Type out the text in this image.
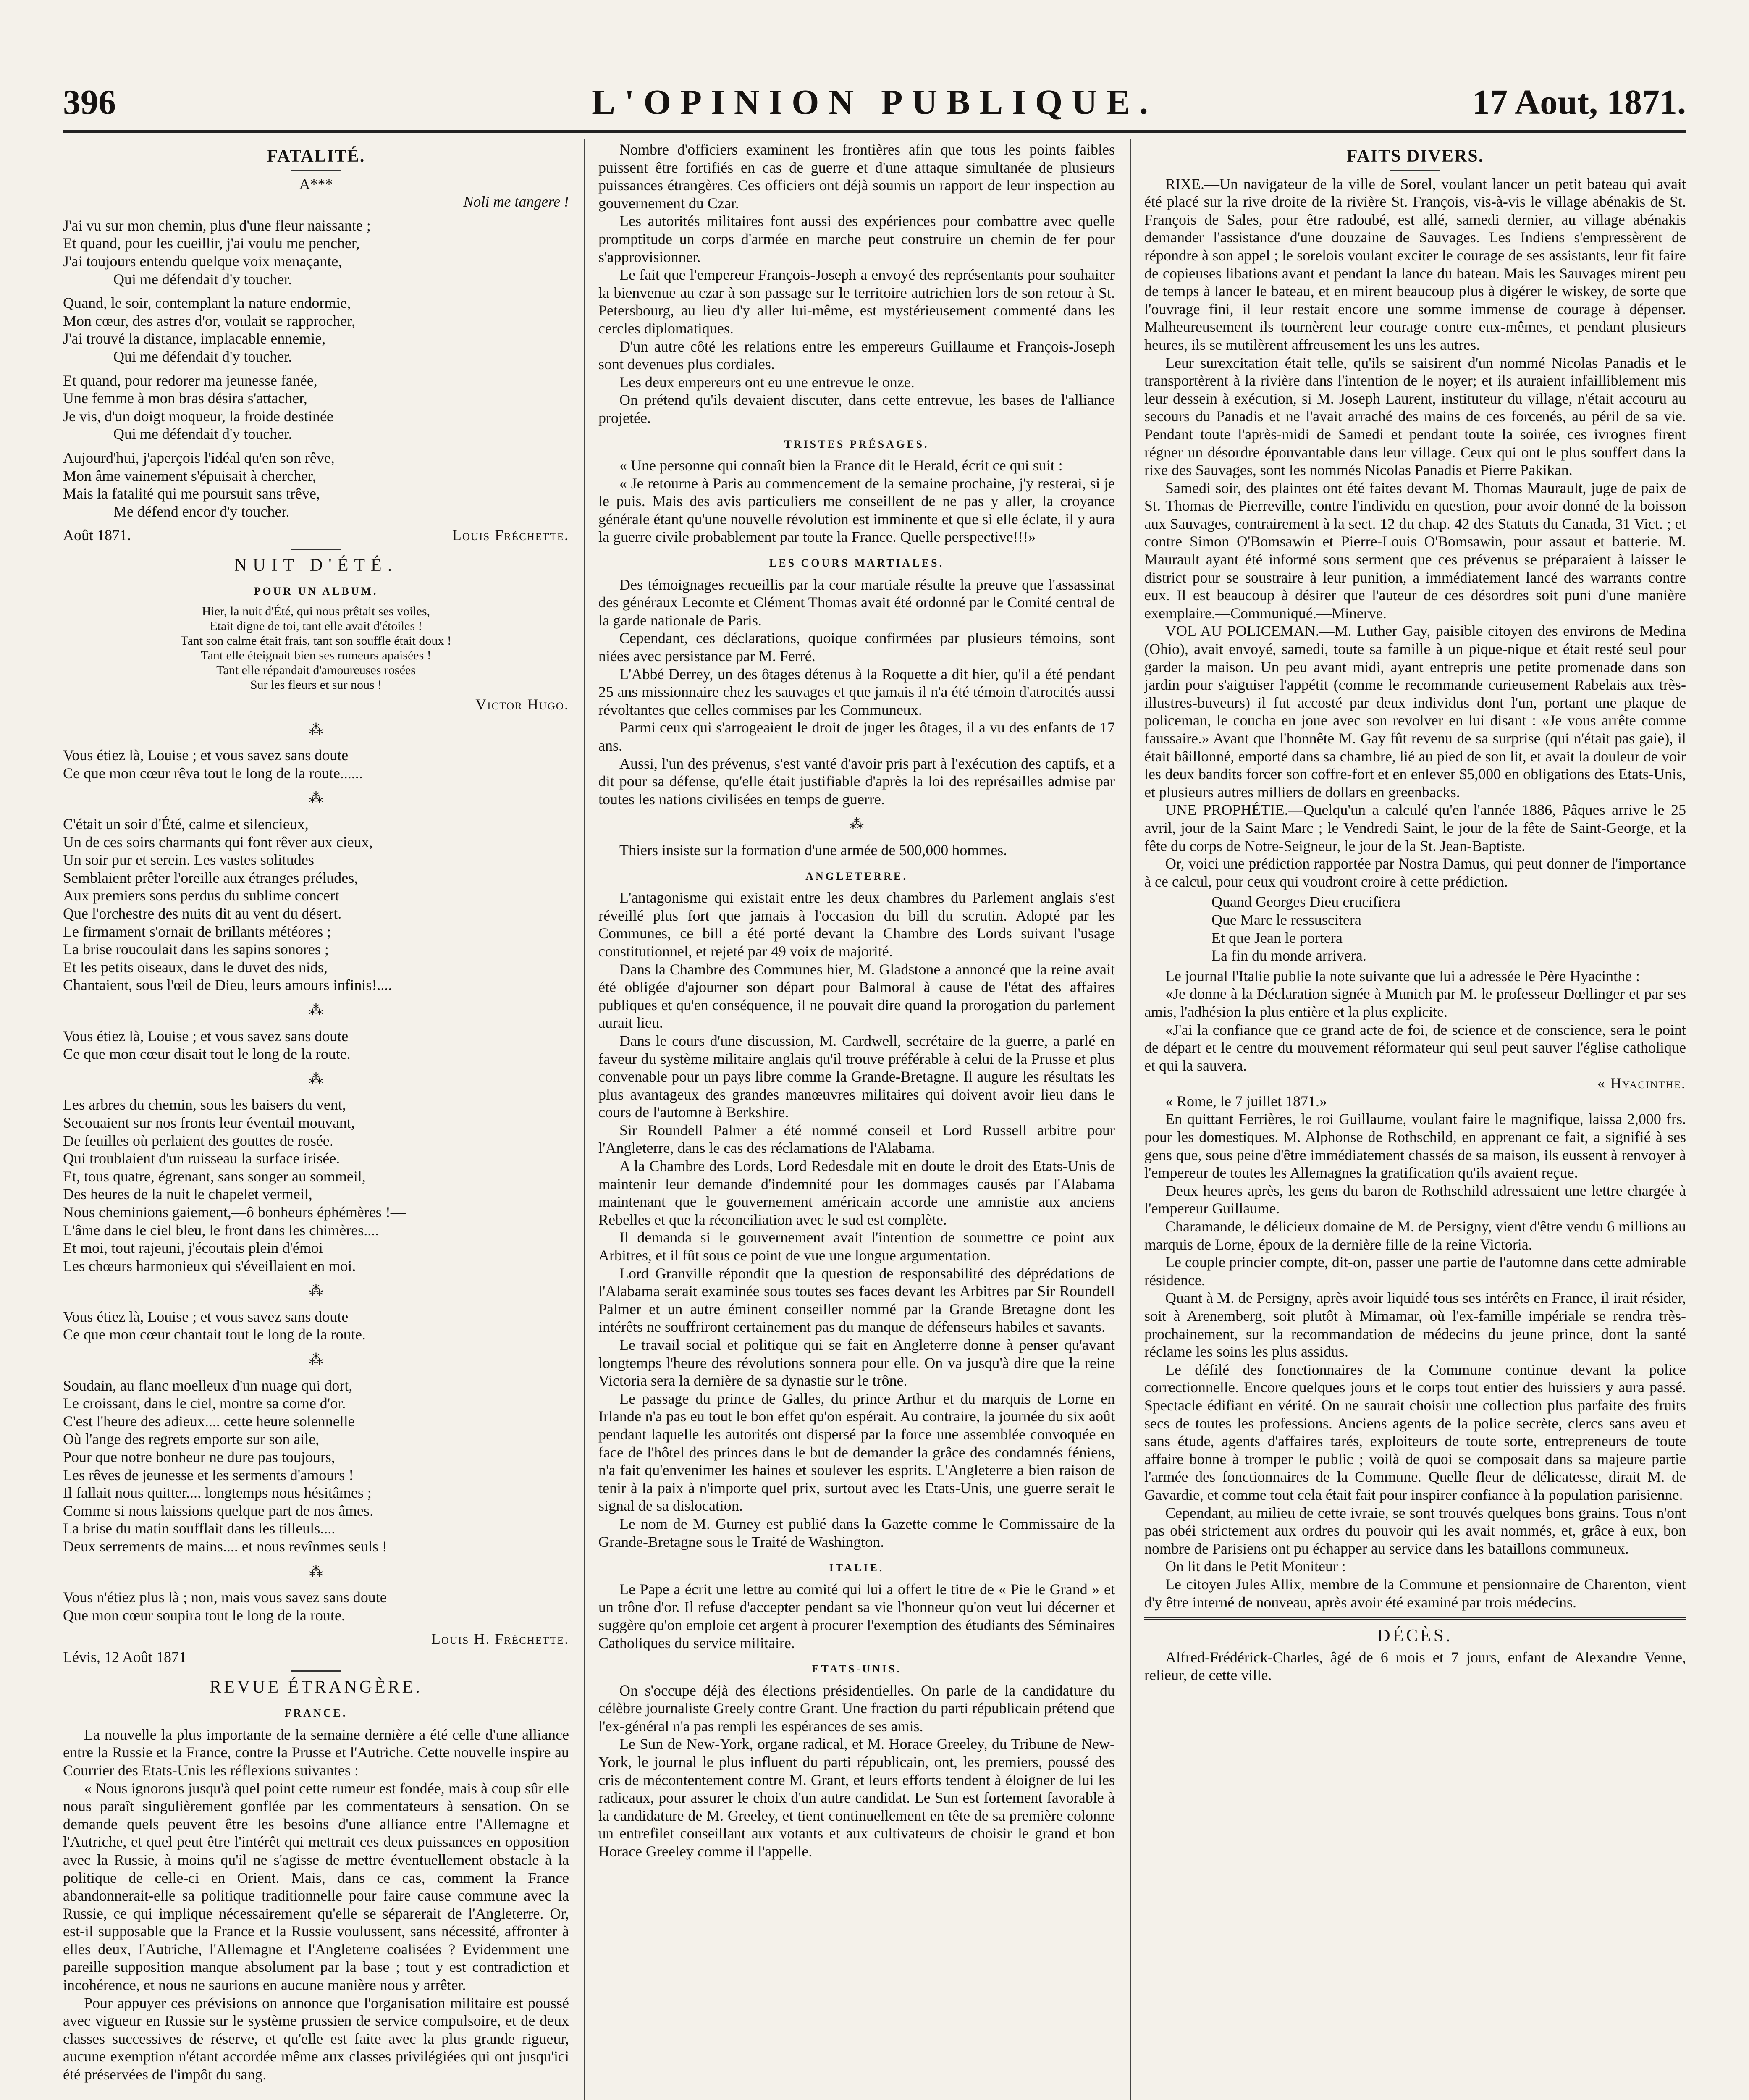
396	L'OPINION PUBLIQUE.	17 Aout, 1871.
FATALITÉ.
A***
Noli me tangere !
J'ai vu sur mon chemin, plus d'une fleur naissante ;
Et quand, pour les cueillir, j'ai voulu me pencher,
J'ai toujours entendu quelque voix menaçante,
Qui me défendait d'y toucher.
Quand, le soir, contemplant la nature endormie,
Mon cœur, des astres d'or, voulait se rapprocher,
J'ai trouvé la distance, implacable ennemie,
Qui me défendait d'y toucher.
Et quand, pour redorer ma jeunesse fanée,
Une femme à mon bras désira s'attacher,
Je vis, d'un doigt moqueur, la froide destinée
Qui me défendait d'y toucher.
Aujourd'hui, j'aperçois l'idéal qu'en son rêve,
Mon âme vainement s'épuisait à chercher,
Mais la fatalité qui me poursuit sans trêve,
Me défend encor d'y toucher.
Août 1871.	Louis Fréchette.
NUIT D'ÉTÉ.
POUR UN ALBUM.
Hier, la nuit d'Été, qui nous prêtait ses voiles,
Etait digne de toi, tant elle avait d'étoiles !
Tant son calme était frais, tant son souffle était doux !
Tant elle éteignait bien ses rumeurs apaisées !
Tant elle répandait d'amoureuses rosées
Sur les fleurs et sur nous !
Victor Hugo.
⁂
Vous étiez là, Louise ; et vous savez sans doute
Ce que mon cœur rêva tout le long de la route......
⁂
C'était un soir d'Été, calme et silencieux,
Un de ces soirs charmants qui font rêver aux cieux,
Un soir pur et serein. Les vastes solitudes
Semblaient prêter l'oreille aux étranges préludes,
Aux premiers sons perdus du sublime concert
Que l'orchestre des nuits dit au vent du désert.
Le firmament s'ornait de brillants météores ;
La brise roucoulait dans les sapins sonores ;
Et les petits oiseaux, dans le duvet des nids,
Chantaient, sous l'œil de Dieu, leurs amours infinis!....
⁂
Vous étiez là, Louise ; et vous savez sans doute
Ce que mon cœur disait tout le long de la route.
⁂
Les arbres du chemin, sous les baisers du vent,
Secouaient sur nos fronts leur éventail mouvant,
De feuilles où perlaient des gouttes de rosée.
Qui troublaient d'un ruisseau la surface irisée.
Et, tous quatre, égrenant, sans songer au sommeil,
Des heures de la nuit le chapelet vermeil,
Nous cheminions gaiement,—ô bonheurs éphémères !—
L'âme dans le ciel bleu, le front dans les chimères....
Et moi, tout rajeuni, j'écoutais plein d'émoi
Les chœurs harmonieux qui s'éveillaient en moi.
⁂
Vous étiez là, Louise ; et vous savez sans doute
Ce que mon cœur chantait tout le long de la route.
⁂
Soudain, au flanc moelleux d'un nuage qui dort,
Le croissant, dans le ciel, montre sa corne d'or.
C'est l'heure des adieux.... cette heure solennelle
Où l'ange des regrets emporte sur son aile,
Pour que notre bonheur ne dure pas toujours,
Les rêves de jeunesse et les serments d'amours !
Il fallait nous quitter.... longtemps nous hésitâmes ;
Comme si nous laissions quelque part de nos âmes.
La brise du matin soufflait dans les tilleuls....
Deux serrements de mains.... et nous revînmes seuls !
⁂
Vous n'étiez plus là ; non, mais vous savez sans doute
Que mon cœur soupira tout le long de la route.
Louis H. Fréchette.
Lévis, 12 Août 1871
REVUE ÉTRANGÈRE.
FRANCE.

La nouvelle la plus importante de la semaine dernière a été celle d'une alliance entre la Russie et la France, contre la Prusse et l'Autriche. Cette nouvelle inspire au Courrier des Etats-Unis les réflexions suivantes :

« Nous ignorons jusqu'à quel point cette rumeur est fondée, mais à coup sûr elle nous paraît singulièrement gonflée par les commentateurs à sensation. On se demande quels peuvent être les besoins d'une alliance entre l'Allemagne et l'Autriche, et quel peut être l'intérêt qui mettrait ces deux puissances en opposition avec la Russie, à moins qu'il ne s'agisse de mettre éventuellement obstacle à la politique de celle-ci en Orient. Mais, dans ce cas, comment la France abandonnerait-elle sa politique traditionnelle pour faire cause commune avec la Russie, ce qui implique nécessairement qu'elle se séparerait de l'Angleterre. Or, est-il supposable que la France et la Russie voulussent, sans nécessité, affronter à elles deux, l'Autriche, l'Allemagne et l'Angleterre coalisées ? Evidemment une pareille supposition manque absolument par la base ; tout y est contradiction et incohérence, et nous ne saurions en aucune manière nous y arrêter.

Pour appuyer ces prévisions on annonce que l'organisation militaire est poussé avec vigueur en Russie sur le système prussien de service compulsoire, et de deux classes successives de réserve, et qu'elle est faite avec la plus grande rigueur, aucune exemption n'étant accordée même aux classes privilégiées qui ont jusqu'ici été préservées de l'impôt du sang.

Nombre d'officiers examinent les frontières afin que tous les points faibles puissent être fortifiés en cas de guerre et d'une attaque simultanée de plusieurs puissances étrangères. Ces officiers ont déjà soumis un rapport de leur inspection au gouvernement du Czar.

Les autorités militaires font aussi des expériences pour combattre avec quelle promptitude un corps d'armée en marche peut construire un chemin de fer pour s'approvisionner.

Le fait que l'empereur François-Joseph a envoyé des représentants pour souhaiter la bienvenue au czar à son passage sur le territoire autrichien lors de son retour à St. Petersbourg, au lieu d'y aller lui-même, est mystérieusement commenté dans les cercles diplomatiques.

D'un autre côté les relations entre les empereurs Guillaume et François-Joseph sont devenues plus cordiales.

Les deux empereurs ont eu une entrevue le onze.

On prétend qu'ils devaient discuter, dans cette entrevue, les bases de l'alliance projetée.

TRISTES PRÉSAGES.

« Une personne qui connaît bien la France dit le Herald, écrit ce qui suit :

« Je retourne à Paris au commencement de la semaine prochaine, j'y resterai, si je le puis. Mais des avis particuliers me conseillent de ne pas y aller, la croyance générale étant qu'une nouvelle révolution est imminente et que si elle éclate, il y aura la guerre civile probablement par toute la France. Quelle perspective!!!»

LES COURS MARTIALES.

Des témoignages recueillis par la cour martiale résulte la preuve que l'assassinat des généraux Lecomte et Clément Thomas avait été ordonné par le Comité central de la garde nationale de Paris.

Cependant, ces déclarations, quoique confirmées par plusieurs témoins, sont niées avec persistance par M. Ferré.

L'Abbé Derrey, un des ôtages détenus à la Roquette a dit hier, qu'il a été pendant 25 ans missionnaire chez les sauvages et que jamais il n'a été témoin d'atrocités aussi révoltantes que celles commises par les Communeux.

Parmi ceux qui s'arrogeaient le droit de juger les ôtages, il a vu des enfants de 17 ans.

Aussi, l'un des prévenus, s'est vanté d'avoir pris part à l'exécution des captifs, et a dit pour sa défense, qu'elle était justifiable d'après la loi des représailles admise par toutes les nations civilisées en temps de guerre.

⁂

Thiers insiste sur la formation d'une armée de 500,000 hommes.

ANGLETERRE.

L'antagonisme qui existait entre les deux chambres du Parlement anglais s'est réveillé plus fort que jamais à l'occasion du bill du scrutin. Adopté par les Communes, ce bill a été porté devant la Chambre des Lords suivant l'usage constitutionnel, et rejeté par 49 voix de majorité.

Dans la Chambre des Communes hier, M. Gladstone a annoncé que la reine avait été obligée d'ajourner son départ pour Balmoral à cause de l'état des affaires publiques et qu'en conséquence, il ne pouvait dire quand la prorogation du parlement aurait lieu.

Dans le cours d'une discussion, M. Cardwell, secrétaire de la guerre, a parlé en faveur du système militaire anglais qu'il trouve préférable à celui de la Prusse et plus convenable pour un pays libre comme la Grande-Bretagne. Il augure les résultats les plus avantageux des grandes manœuvres militaires qui doivent avoir lieu dans le cours de l'automne à Berkshire.

Sir Roundell Palmer a été nommé conseil et Lord Russell arbitre pour l'Angleterre, dans le cas des réclamations de l'Alabama.

A la Chambre des Lords, Lord Redesdale mit en doute le droit des Etats-Unis de maintenir leur demande d'indemnité pour les dommages causés par l'Alabama maintenant que le gouvernement américain accorde une amnistie aux anciens Rebelles et que la réconciliation avec le sud est complète.

Il demanda si le gouvernement avait l'intention de soumettre ce point aux Arbitres, et il fût sous ce point de vue une longue argumentation.

Lord Granville répondit que la question de responsabilité des déprédations de l'Alabama serait examinée sous toutes ses faces devant les Arbitres par Sir Roundell Palmer et un autre éminent conseiller nommé par la Grande Bretagne dont les intérêts ne souffriront certainement pas du manque de défenseurs habiles et savants.

Le travail social et politique qui se fait en Angleterre donne à penser qu'avant longtemps l'heure des révolutions sonnera pour elle. On va jusqu'à dire que la reine Victoria sera la dernière de sa dynastie sur le trône.

Le passage du prince de Galles, du prince Arthur et du marquis de Lorne en Irlande n'a pas eu tout le bon effet qu'on espérait. Au contraire, la journée du six août pendant laquelle les autorités ont dispersé par la force une assemblée convoquée en face de l'hôtel des princes dans le but de demander la grâce des condamnés féniens, n'a fait qu'envenimer les haines et soulever les esprits. L'Angleterre a bien raison de tenir à la paix à n'importe quel prix, surtout avec les Etats-Unis, une guerre serait le signal de sa dislocation.

Le nom de M. Gurney est publié dans la Gazette comme le Commissaire de la Grande-Bretagne sous le Traité de Washington.

ITALIE.

Le Pape a écrit une lettre au comité qui lui a offert le titre de « Pie le Grand » et un trône d'or. Il refuse d'accepter pendant sa vie l'honneur qu'on veut lui décerner et suggère qu'on emploie cet argent à procurer l'exemption des étudiants des Séminaires Catholiques du service militaire.

ETATS-UNIS.

On s'occupe déjà des élections présidentielles. On parle de la candidature du célèbre journaliste Greely contre Grant. Une fraction du parti républicain prétend que l'ex-général n'a pas rempli les espérances de ses amis.

Le Sun de New-York, organe radical, et M. Horace Greeley, du Tribune de New-York, le journal le plus influent du parti républicain, ont, les premiers, poussé des cris de mécontentement contre M. Grant, et leurs efforts tendent à éloigner de lui les radicaux, pour assurer le choix d'un autre candidat. Le Sun est fortement favorable à la candidature de M. Greeley, et tient continuellement en tête de sa première colonne un entrefilet conseillant aux votants et aux cultivateurs de choisir le grand et bon Horace Greeley comme il l'appelle.

FAITS DIVERS.

RIXE.—Un navigateur de la ville de Sorel, voulant lancer un petit bateau qui avait été placé sur la rive droite de la rivière St. François, vis-à-vis le village abénakis de St. François de Sales, pour être radoubé, est allé, samedi dernier, au village abénakis demander l'assistance d'une douzaine de Sauvages. Les Indiens s'empressèrent de répondre à son appel ; le sorelois voulant exciter le courage de ses assistants, leur fit faire de copieuses libations avant et pendant la lance du bateau. Mais les Sauvages mirent peu de temps à lancer le bateau, et en mirent beaucoup plus à digérer le wiskey, de sorte que l'ouvrage fini, il leur restait encore une somme immense de courage à dépenser. Malheureusement ils tournèrent leur courage contre eux-mêmes, et pendant plusieurs heures, ils se mutilèrent affreusement les uns les autres.

Leur surexcitation était telle, qu'ils se saisirent d'un nommé Nicolas Panadis et le transportèrent à la rivière dans l'intention de le noyer; et ils auraient infailliblement mis leur dessein à exécution, si M. Joseph Laurent, instituteur du village, n'était accouru au secours du Panadis et ne l'avait arraché des mains de ces forcenés, au péril de sa vie. Pendant toute l'après-midi de Samedi et pendant toute la soirée, ces ivrognes firent régner un désordre épouvantable dans leur village. Ceux qui ont le plus souffert dans la rixe des Sauvages, sont les nommés Nicolas Panadis et Pierre Pakikan.

Samedi soir, des plaintes ont été faites devant M. Thomas Maurault, juge de paix de St. Thomas de Pierreville, contre l'individu en question, pour avoir donné de la boisson aux Sauvages, contrairement à la sect. 12 du chap. 42 des Statuts du Canada, 31 Vict. ; et contre Simon O'Bomsawin et Pierre-Louis O'Bomsawin, pour assaut et batterie. M. Maurault ayant été informé sous serment que ces prévenus se préparaient à laisser le district pour se soustraire à leur punition, a immédiatement lancé des warrants contre eux. Il est beaucoup à désirer que l'auteur de ces désordres soit puni d'une manière exemplaire.—Communiqué.—Minerve.

VOL AU POLICEMAN.—M. Luther Gay, paisible citoyen des environs de Medina (Ohio), avait envoyé, samedi, toute sa famille à un pique-nique et était resté seul pour garder la maison. Un peu avant midi, ayant entrepris une petite promenade dans son jardin pour s'aiguiser l'appétit (comme le recommande curieusement Rabelais aux très-illustres-buveurs) il fut accosté par deux individus dont l'un, portant une plaque de policeman, le coucha en joue avec son revolver en lui disant : «Je vous arrête comme faussaire.» Avant que l'honnête M. Gay fût revenu de sa surprise (qui n'était pas gaie), il était bâillonné, emporté dans sa chambre, lié au pied de son lit, et avait la douleur de voir les deux bandits forcer son coffre-fort et en enlever $5,000 en obligations des Etats-Unis, et plusieurs autres milliers de dollars en greenbacks.

UNE PROPHÉTIE.—Quelqu'un a calculé qu'en l'année 1886, Pâques arrive le 25 avril, jour de la Saint Marc ; le Vendredi Saint, le jour de la fête de Saint-George, et la fête du corps de Notre-Seigneur, le jour de la St. Jean-Baptiste.

Or, voici une prédiction rapportée par Nostra Damus, qui peut donner de l'importance à ce calcul, pour ceux qui voudront croire à cette prédiction.

Quand Georges Dieu crucifiera
Que Marc le ressuscitera
Et que Jean le portera
La fin du monde arrivera.

Le journal l'Italie publie la note suivante que lui a adressée le Père Hyacinthe :

«Je donne à la Déclaration signée à Munich par M. le professeur Dœllinger et par ses amis, l'adhésion la plus entière et la plus explicite.

«J'ai la confiance que ce grand acte de foi, de science et de conscience, sera le point de départ et le centre du mouvement réformateur qui seul peut sauver l'église catholique et qui la sauvera.

« Hyacinthe.

« Rome, le 7 juillet 1871.»

En quittant Ferrières, le roi Guillaume, voulant faire le magnifique, laissa 2,000 frs. pour les domestiques. M. Alphonse de Rothschild, en apprenant ce fait, a signifié à ses gens que, sous peine d'être immédiatement chassés de sa maison, ils eussent à renvoyer à l'empereur de toutes les Allemagnes la gratification qu'ils avaient reçue.

Deux heures après, les gens du baron de Rothschild adressaient une lettre chargée à l'empereur Guillaume.

Charamande, le délicieux domaine de M. de Persigny, vient d'être vendu 6 millions au marquis de Lorne, époux de la dernière fille de la reine Victoria.

Le couple princier compte, dit-on, passer une partie de l'automne dans cette admirable résidence.

Quant à M. de Persigny, après avoir liquidé tous ses intérêts en France, il irait résider, soit à Arenemberg, soit plutôt à Mimamar, où l'ex-famille impériale se rendra très-prochainement, sur la recommandation de médecins du jeune prince, dont la santé réclame les soins les plus assidus.

Le défilé des fonctionnaires de la Commune continue devant la police correctionnelle. Encore quelques jours et le corps tout entier des huissiers y aura passé. Spectacle édifiant en vérité. On ne saurait choisir une collection plus parfaite des fruits secs de toutes les professions. Anciens agents de la police secrète, clercs sans aveu et sans étude, agents d'affaires tarés, exploiteurs de toute sorte, entrepreneurs de toute affaire bonne à tromper le public ; voilà de quoi se composait dans sa majeure partie l'armée des fonctionnaires de la Commune. Quelle fleur de délicatesse, dirait M. de Gavardie, et comme tout cela était fait pour inspirer confiance à la population parisienne.

Cependant, au milieu de cette ivraie, se sont trouvés quelques bons grains. Tous n'ont pas obéi strictement aux ordres du pouvoir qui les avait nommés, et, grâce à eux, bon nombre de Parisiens ont pu échapper au service dans les bataillons communeux.

On lit dans le Petit Moniteur :

Le citoyen Jules Allix, membre de la Commune et pensionnaire de Charenton, vient d'y être interné de nouveau, après avoir été examiné par trois médecins.

DÉCÈS.

Alfred-Frédérick-Charles, âgé de 6 mois et 7 jours, enfant de Alexandre Venne, relieur, de cette ville.
